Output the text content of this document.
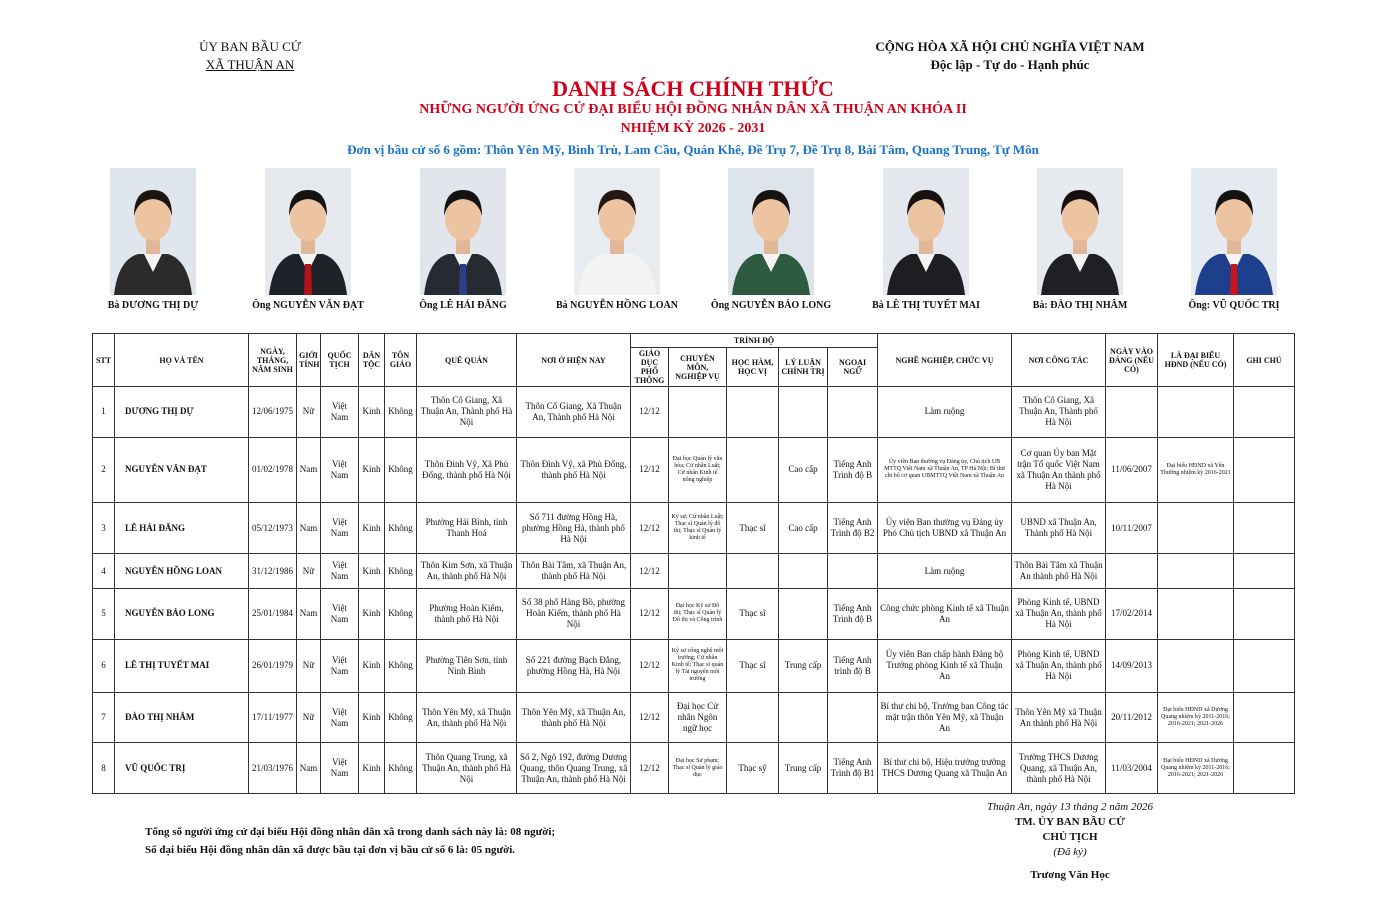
ỦY BAN BẦU CỬ
XÃ THUẬN AN
CỘNG HÒA XÃ HỘI CHỦ NGHĨA VIỆT NAM
Độc lập - Tự do - Hạnh phúc
DANH SÁCH CHÍNH THỨC
NHỮNG NGƯỜI ỨNG CỬ ĐẠI BIỂU HỘI ĐỒNG NHÂN DÂN XÃ THUẬN AN KHÓA II
NHIỆM KỲ 2026 - 2031
Đơn vị bầu cử số 6 gồm: Thôn Yên Mỹ, Bình Trù, Lam Cầu, Quán Khê, Đề Trụ 7, Đề Trụ 8, Bài Tâm, Quang Trung, Tự Môn
Bà DƯƠNG THỊ DỰ	Ông NGUYỄN VĂN ĐẠT	Ông LÊ HẢI ĐĂNG	Bà NGUYỄN HỒNG LOAN	Ông NGUYỄN BẢO LONG	Bà LÊ THỊ TUYẾT MAI	Bà: ĐÀO THỊ NHÂM	Ông: VŨ QUỐC TRỊ
STT	HỌ VÀ TÊN	NGÀY, THÁNG, NĂM SINH	GIỚI TÍNH	QUỐC TỊCH	DÂN TỘC	TÔN GIÁO	QUÊ QUÁN	NƠI Ở HIỆN NAY	TRÌNH ĐỘ					NGHỀ NGHIỆP, CHỨC VỤ	NƠI CÔNG TÁC	NGÀY VÀO ĐẢNG (NẾU CÓ)	LÀ ĐẠI BIỂU HĐND (NẾU CÓ)	GHI CHÚ
									GIÁO DỤC PHỔ THÔNG	CHUYÊN MÔN, NGHIỆP VỤ	HỌC HÀM, HỌC VỊ	LÝ LUẬN CHÍNH TRỊ	NGOẠI NGỮ					
1	DƯƠNG THỊ DỰ	12/06/1975	Nữ	Việt Nam	Kinh	Không	Thôn Cổ Giang, Xã Thuận An, Thành phố Hà Nội	Thôn Cổ Giang, Xã Thuận An, Thành phố Hà Nội	12/12					Làm ruộng	Thôn Cổ Giang, Xã Thuận An, Thành phố Hà Nội			
2	NGUYỄN VĂN ĐẠT	01/02/1978	Nam	Việt Nam	Kinh	Không	Thôn Đình Vỹ, Xã Phù Đổng, thành phố Hà Nội	Thôn Đình Vỹ, xã Phù Đổng, thành phố Hà Nội	12/12	Đại học Quản lý văn hóa; Cử nhân Luật; Cử nhân Kinh tế nông nghiệp		Cao cấp	Tiếng Anh Trình độ B	Ủy viên Ban thường vụ Đảng ủy, Chủ tịch UB MTTQ Việt Nam xã Thuận An, TP Hà Nội; Bí thư chi bộ cơ quan UBMTTQ Việt Nam xã Thuận An	Cơ quan Ủy ban Mặt trận Tổ quốc Việt Nam xã Thuận An thành phố Hà Nội	11/06/2007	Đại biểu HĐND xã Yên Thường nhiệm kỳ 2016-2021	
3	LÊ HẢI ĐĂNG	05/12/1973	Nam	Việt Nam	Kinh	Không	Phường Hải Bình, tỉnh Thanh Hoá	Số 711 đường Hồng Hà, phường Hồng Hà, thành phố Hà Nội	12/12	Kỹ sư; Cử nhân Luật; Thạc sĩ Quản lý đô thị; Thạc sĩ Quản lý kinh tế	Thạc sĩ	Cao cấp	Tiếng Anh Trình độ B2	Ủy viên Ban thường vụ Đảng ủy Phó Chủ tịch UBND xã Thuận An	UBND xã Thuận An, Thành phố Hà Nội	10/11/2007		
4	NGUYỄN HỒNG LOAN	31/12/1986	Nữ	Việt Nam	Kinh	Không	Thôn Kim Sơn, xã Thuận An, thành phố Hà Nội	Thôn Bài Tâm, xã Thuận An, thành phố Hà Nội	12/12					Làm ruộng	Thôn Bài Tâm xã Thuận An thành phố Hà Nội			
5	NGUYỄN BẢO LONG	25/01/1984	Nam	Việt Nam	Kinh	Không	Phường Hoàn Kiếm, thành phố Hà Nội	Số 38 phố Hàng Bồ, phường Hoàn Kiếm, thành phố Hà Nội	12/12	Đại học Kỹ sư Đô thị; Thạc sĩ Quản lý Đô thị và Công trình	Thạc sĩ		Tiếng Anh Trình độ B	Công chức phòng Kinh tế xã Thuận An	Phòng Kinh tế, UBND xã Thuận An, thành phố Hà Nội	17/02/2014		
6	LÊ THỊ TUYẾT MAI	26/01/1979	Nữ	Việt Nam	Kinh	Không	Phường Tiên Sơn, tỉnh Ninh Bình	Số 221 đường Bạch Đằng, phường Hồng Hà, Hà Nội	12/12	Kỹ sư công nghệ môi trường; Cử nhân Kinh tế; Thạc sĩ quản lý Tài nguyên môi trường	Thạc sĩ	Trung cấp	Tiếng Anh trình độ B	Ủy viên Ban chấp hành Đảng bộ Trưởng phòng Kinh tế xã Thuận An	Phòng Kinh tế, UBND xã Thuận An, thành phố Hà Nội	14/09/2013		
7	ĐÀO THỊ NHÂM	17/11/1977	Nữ	Việt Nam	Kinh	Không	Thôn Yên Mỹ, xã Thuận An, thành phố Hà Nội	Thôn Yên Mỹ, xã Thuận An, thành phố Hà Nội	12/12	Đại học Cử nhân Ngôn ngữ học				Bí thư chi bộ, Trưởng ban Công tác mặt trận thôn Yên Mỹ, xã Thuận An	Thôn Yên Mỹ xã Thuận An thành phố Hà Nội	20/11/2012	Đại biểu HĐND xã Dương Quang nhiệm kỳ 2011-2016; 2016-2021; 2021-2026	
8	VŨ QUỐC TRỊ	21/03/1976	Nam	Việt Nam	Kinh	Không	Thôn Quang Trung, xã Thuận An, thành phố Hà Nội	Số 2, Ngõ 192, đường Dương Quang, thôn Quang Trung, xã Thuận An, thành phố Hà Nội	12/12	Đại học Sư phạm; Thạc sĩ Quản lý giáo dục	Thạc sỹ	Trung cấp	Tiếng Anh Trình độ B1	Bí thư chi bộ, Hiệu trưởng trường THCS Dương Quang xã Thuận An	Trường THCS Dương Quang, xã Thuận An, thành phố Hà Nội	11/03/2004	Đại biểu HĐND xã Dương Quang nhiệm kỳ 2011-2016; 2016-2021; 2021-2026	
Tổng số người ứng cử đại biểu Hội đồng nhân dân xã trong danh sách này là: 08 người;
Số đại biểu Hội đồng nhân dân xã được bầu tại đơn vị bầu cử số 6 là: 05 người.
Thuận An, ngày 13 tháng 2 năm 2026
TM. ỦY BAN BẦU CỬ
CHỦ TỊCH
(Đã ký)
Trương Văn Học
